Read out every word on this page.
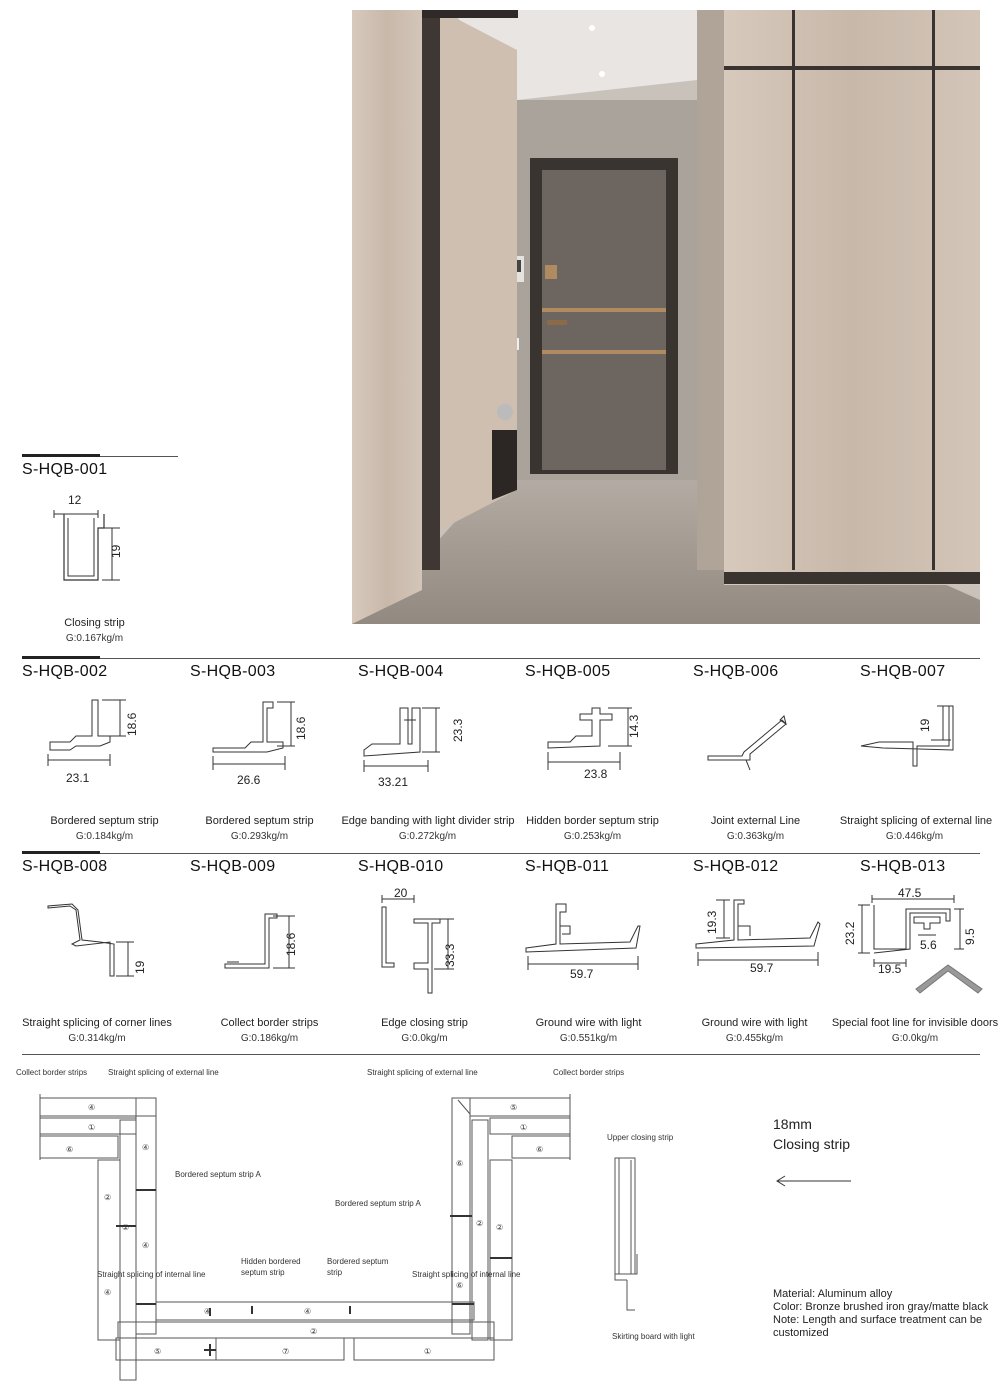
S-HQB-001
12
19
Closing strip
G:0.167kg/m
S-HQB-002	S-HQB-003	S-HQB-004	S-HQB-005	S-HQB-006	S-HQB-007
18.6
23.1
18.6
26.6
23.3
33.21
14.3
23.8
19
Bordered septum strip	Bordered septum strip	Edge banding with light divider strip	Hidden border septum strip	Joint external Line	Straight splicing of external line
G:0.184kg/m	G:0.293kg/m	G:0.272kg/m	G:0.253kg/m	G:0.363kg/m	G:0.446kg/m
S-HQB-008	S-HQB-009	S-HQB-010	S-HQB-011	S-HQB-012	S-HQB-013
19
18.6
20
33.3
59.7
19.3
59.7
47.5
23.2	5.6 9.5
19.5
Straight splicing of corner lines	Collect border strips	Edge closing strip	Ground wire with light	Ground wire with light	Special foot line for invisible doors
G:0.314kg/m	G:0.186kg/m	G:0.0kg/m	G:0.551kg/m	G:0.455kg/m	G:0.0kg/m
Collect border strips	Straight splicing of external line	Straight splicing of external line	Collect border strips
④
①
⑥	④
②
②
④
④
④	④
②
⑤	⑦	①
⑤
①
⑥
⑥
② ②
⑥
Bordered septum strip A
Bordered septum strip A
Hidden bordered
septum strip
Bordered septum
strip
Straight splicing of internal line	Straight splicing of internal line
Upper closing strip
Skirting board with light
18mm
Closing strip
Material: Aluminum alloy
Color: Bronze brushed iron gray/matte black
Note: Length and surface treatment can be
customized
